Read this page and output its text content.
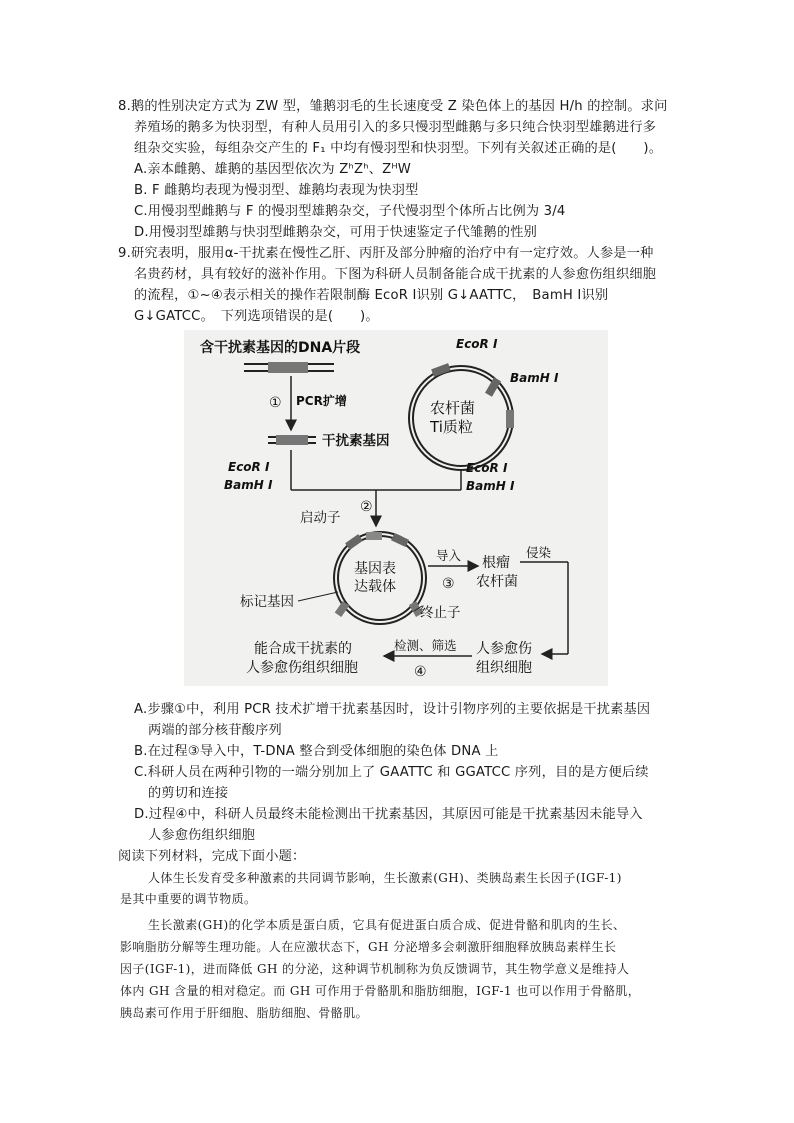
8.鹅的性别决定方式为 ZW 型，雏鹅羽毛的生长速度受 Z 染色体上的基因 H/h 的控制。求问
养殖场的鹅多为快羽型，有种人员用引入的多只慢羽型雌鹅与多只纯合快羽型雄鹅进行多
组杂交实验，每组杂交产生的 F₁ 中均有慢羽型和快羽型。下列有关叙述正确的是(　　)。
A.亲本雌鹅、雄鹅的基因型依次为 ZʰZʰ、ZᴴW
B. F 雌鹅均表现为慢羽型、雄鹅均表现为快羽型
C.用慢羽型雌鹅与 F 的慢羽型雄鹅杂交，子代慢羽型个体所占比例为 3/4
D.用慢羽型雄鹅与快羽型雌鹅杂交，可用于快速鉴定子代雏鹅的性别
9.研究表明，服用α-干扰素在慢性乙肝、丙肝及部分肿瘤的治疗中有一定疗效。人参是一种
名贵药材，具有较好的滋补作用。下图为科研人员制备能合成干扰素的人参愈伤组织细胞
的流程，①~④表示相关的操作若限制酶 EcoR Ⅰ识别 G↓AATTC，　BamH Ⅰ识别
G↓GATCC。　下列选项错误的是(　　)。
含干扰素基因的DNA片段
① PCR扩增
干扰素基因
EcoR Ⅰ
BamH Ⅰ
EcoR Ⅰ
BamH Ⅰ
农杆菌
Ti质粒
EcoR Ⅰ
BamH Ⅰ
②
启动子
基因表
达载体
标记基因
终止子
导入
③
根瘤
农杆菌
侵染
人参愈伤
组织细胞
检测、筛选
④
能合成干扰素的
人参愈伤组织细胞
A.步骤①中，利用 PCR 技术扩增干扰素基因时，设计引物序列的主要依据是干扰素基因
两端的部分核苷酸序列
B.在过程③导入中，T-DNA 整合到受体细胞的染色体 DNA 上
C.科研人员在两种引物的一端分别加上了 GAATTC 和 GGATCC 序列，目的是方便后续
的剪切和连接
D.过程④中，科研人员最终未能检测出干扰素基因，其原因可能是干扰素基因未能导入
人参愈伤组织细胞
阅读下列材料，完成下面小题：
人体生长发育受多种激素的共同调节影响，生长激素(GH)、类胰岛素生长因子(IGF-1)
是其中重要的调节物质。
生长激素(GH)的化学本质是蛋白质，它具有促进蛋白质合成、促进骨骼和肌肉的生长、
影响脂肪分解等生理功能。人在应激状态下，GH 分泌增多会刺激肝细胞释放胰岛素样生长
因子(IGF-1)，进而降低 GH 的分泌，这种调节机制称为负反馈调节，其生物学意义是维持人
体内 GH 含量的相对稳定。而 GH 可作用于骨骼肌和脂肪细胞，IGF-1 也可以作用于骨骼肌，
胰岛素可作用于肝细胞、脂肪细胞、骨骼肌。
